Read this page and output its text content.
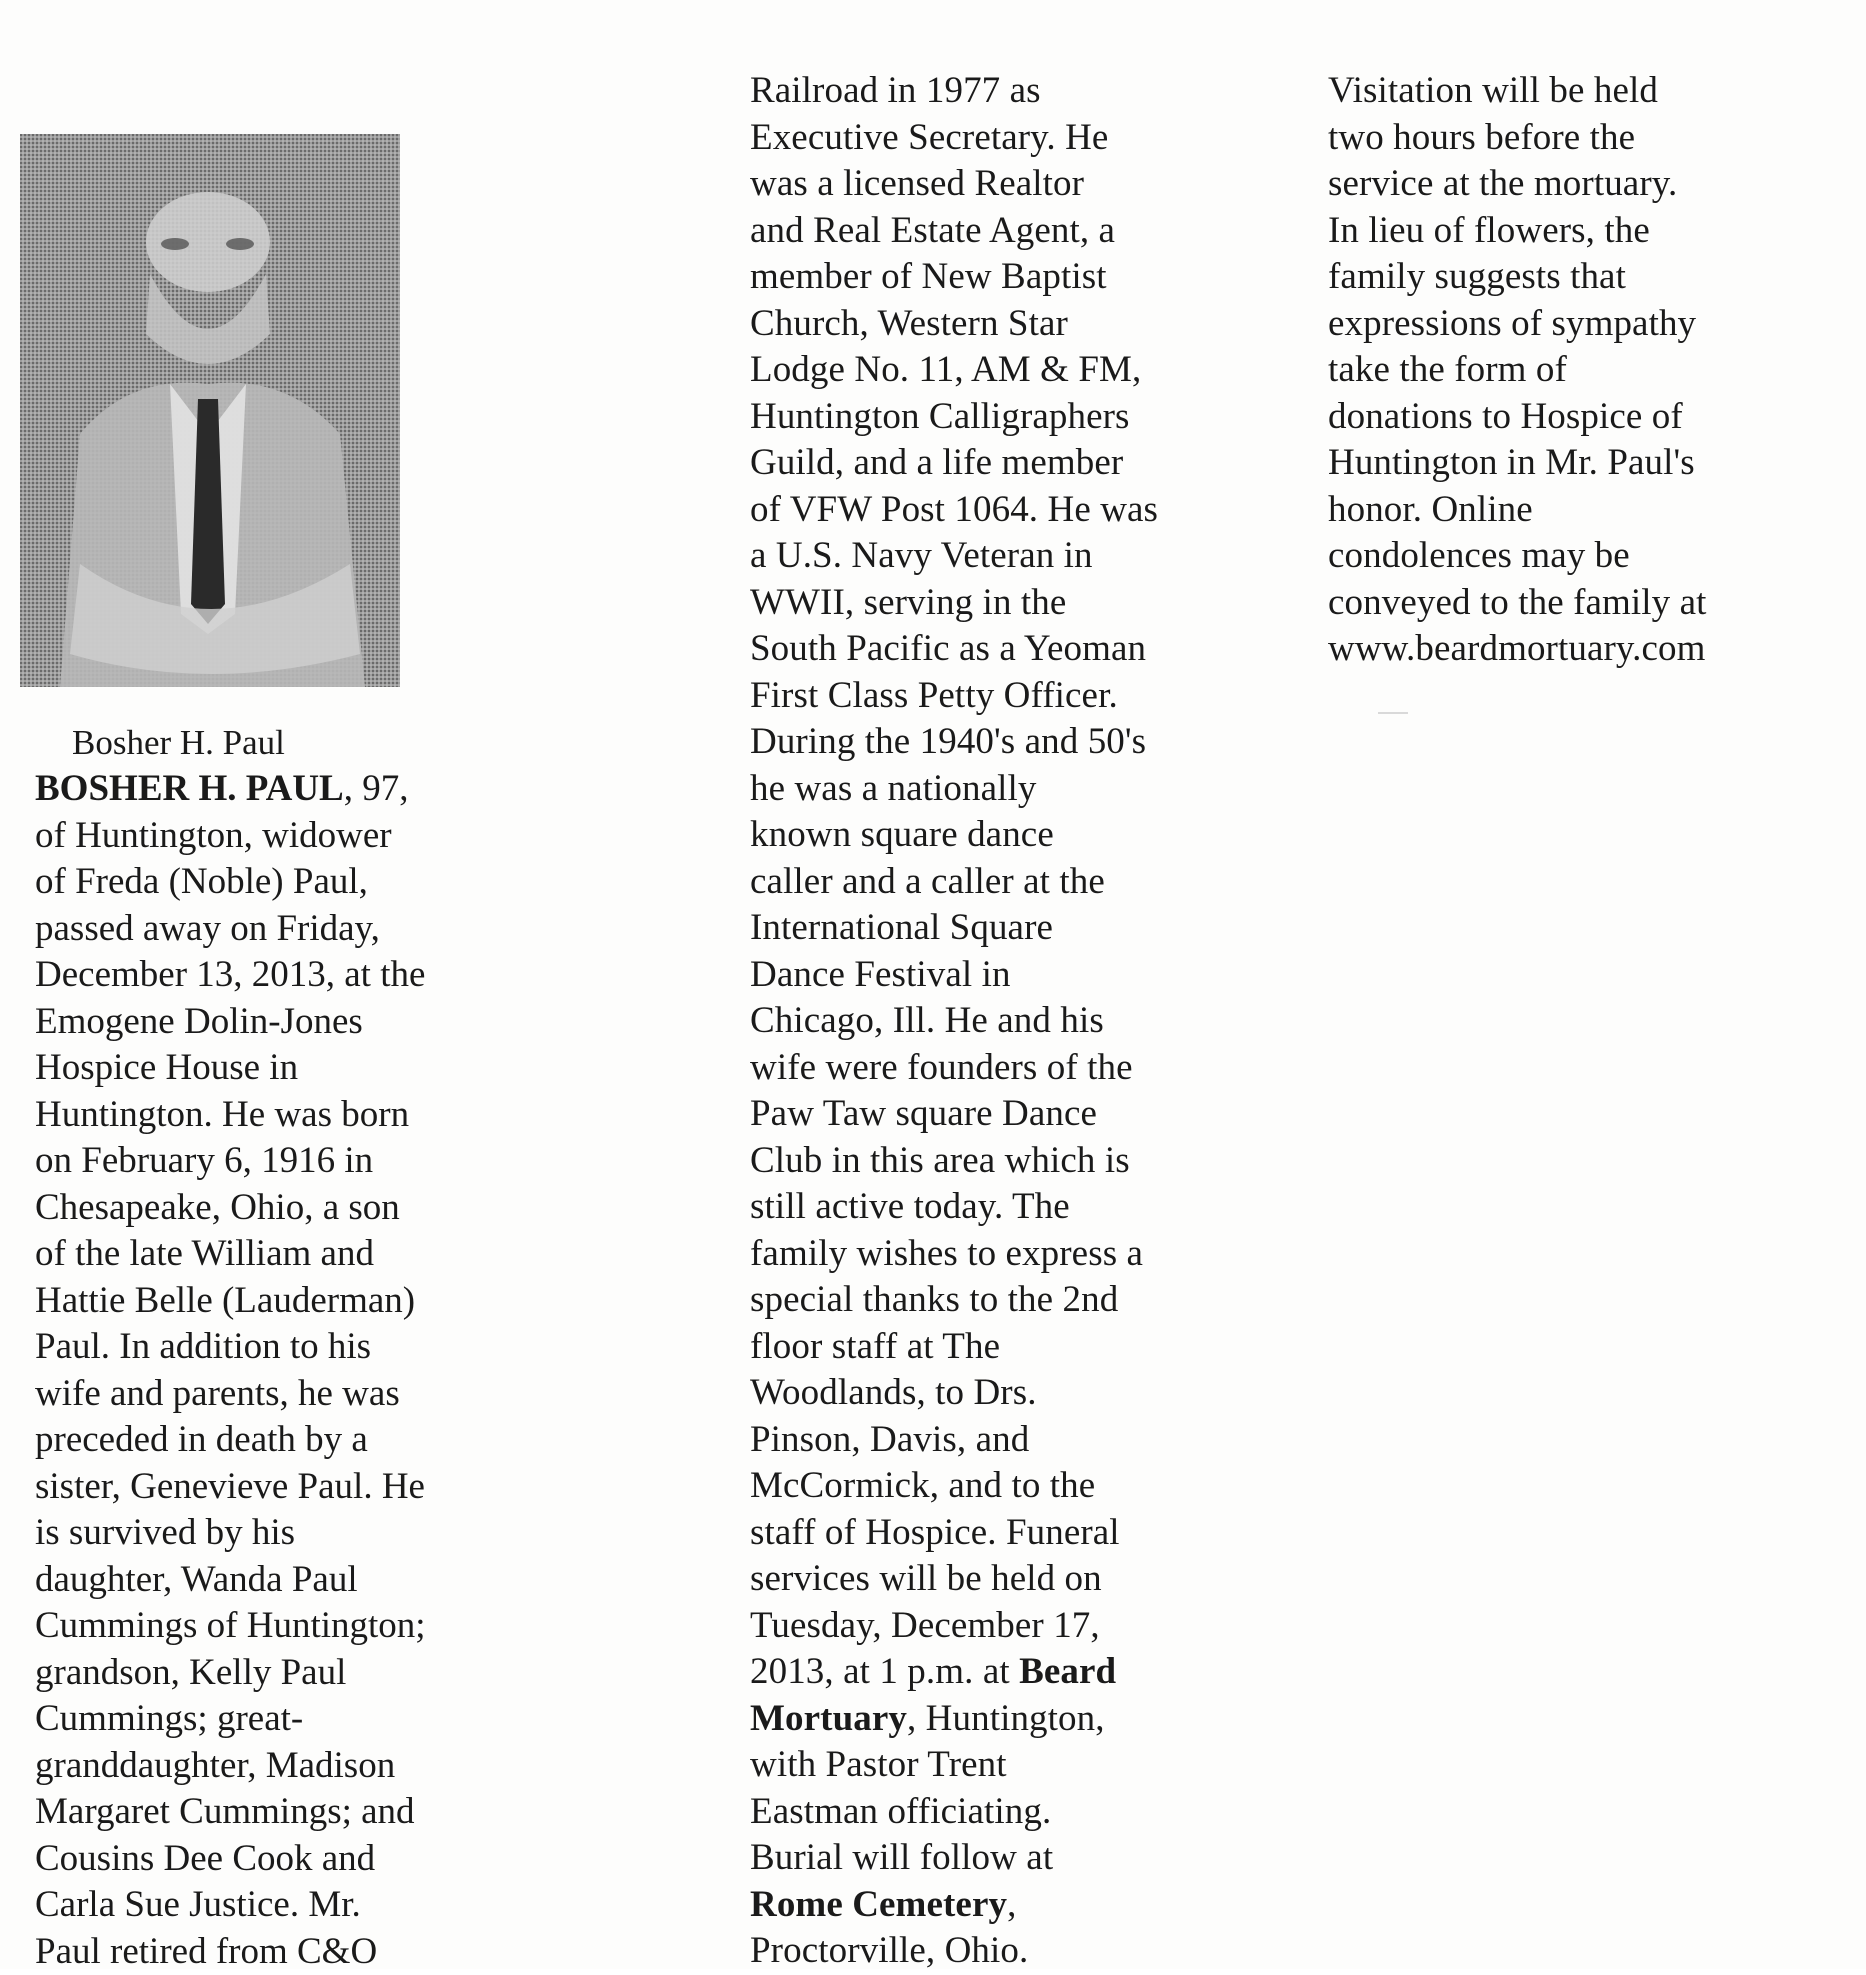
Bosher H. Paul
BOSHER H. PAUL, 97,
of Huntington, widower
of Freda (Noble) Paul,
passed away on Friday,
December 13, 2013, at the
Emogene Dolin-Jones
Hospice House in
Huntington. He was born
on February 6, 1916 in
Chesapeake, Ohio, a son
of the late William and
Hattie Belle (Lauderman)
Paul. In addition to his
wife and parents, he was
preceded in death by a
sister, Genevieve Paul. He
is survived by his
daughter, Wanda Paul
Cummings of Huntington;
grandson, Kelly Paul
Cummings; great-
granddaughter, Madison
Margaret Cummings; and
Cousins Dee Cook and
Carla Sue Justice. Mr.
Paul retired from C&O
Railroad in 1977 as
Executive Secretary. He
was a licensed Realtor
and Real Estate Agent, a
member of New Baptist
Church, Western Star
Lodge No. 11, AM & FM,
Huntington Calligraphers
Guild, and a life member
of VFW Post 1064. He was
a U.S. Navy Veteran in
WWII, serving in the
South Pacific as a Yeoman
First Class Petty Officer.
During the 1940's and 50's
he was a nationally
known square dance
caller and a caller at the
International Square
Dance Festival in
Chicago, Ill. He and his
wife were founders of the
Paw Taw square Dance
Club in this area which is
still active today. The
family wishes to express a
special thanks to the 2nd
floor staff at The
Woodlands, to Drs.
Pinson, Davis, and
McCormick, and to the
staff of Hospice. Funeral
services will be held on
Tuesday, December 17,
2013, at 1 p.m. at Beard
Mortuary, Huntington,
with Pastor Trent
Eastman officiating.
Burial will follow at
Rome Cemetery,
Proctorville, Ohio.
Visitation will be held
two hours before the
service at the mortuary.
In lieu of flowers, the
family suggests that
expressions of sympathy
take the form of
donations to Hospice of
Huntington in Mr. Paul's
honor. Online
condolences may be
conveyed to the family at
www.beardmortuary.com
